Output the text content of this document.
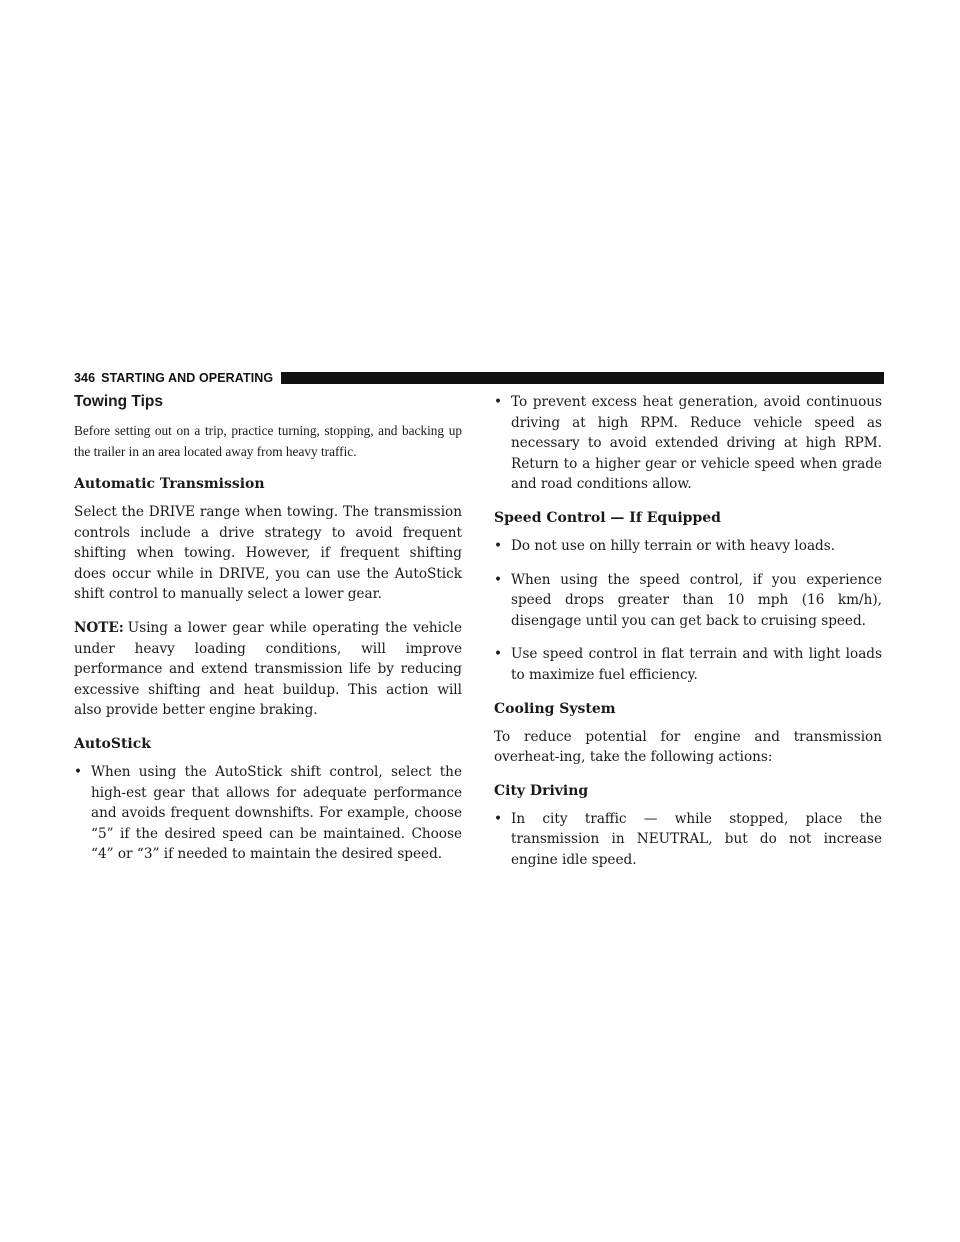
346 STARTING AND OPERATING
Towing Tips
Before setting out on a trip, practice turning, stopping, and backing up the trailer in an area located away from heavy traffic.
Automatic Transmission

Select the DRIVE range when towing. The transmission controls include a drive strategy to avoid frequent shifting when towing. However, if frequent shifting does occur while in DRIVE, you can use the AutoStick shift control to manually select a lower gear.

NOTE: Using a lower gear while operating the vehicle under heavy loading conditions, will improve performance and extend transmission life by reducing excessive shifting and heat buildup. This action will also provide better engine braking.

AutoStick
• When using the AutoStick shift control, select the high-est gear that allows for adequate performance and avoids frequent downshifts. For example, choose “5” if the desired speed can be maintained. Choose “4” or “3” if needed to maintain the desired speed.
• To prevent excess heat generation, avoid continuous driving at high RPM. Reduce vehicle speed as necessary to avoid extended driving at high RPM. Return to a higher gear or vehicle speed when grade and road conditions allow.
Speed Control — If Equipped
• Do not use on hilly terrain or with heavy loads.
• When using the speed control, if you experience speed drops greater than 10 mph (16 km/h), disengage until you can get back to cruising speed.
• Use speed control in flat terrain and with light loads to maximize fuel efficiency.
Cooling System

To reduce potential for engine and transmission overheat-ing, take the following actions:

City Driving
• In city traffic — while stopped, place the transmission in NEUTRAL, but do not increase engine idle speed.
